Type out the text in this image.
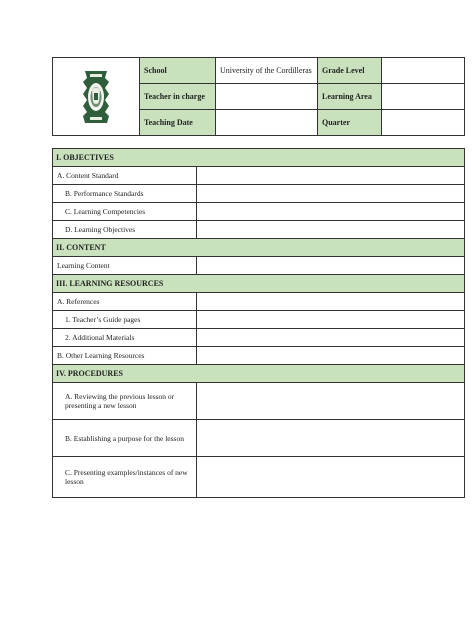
	School	University of the Cordilleras	Grade Level	
	Teacher in charge		Learning Area	
	Teaching Date		Quarter	
I. OBJECTIVES	
A. Content Standard	
B. Performance Standards	
C. Learning Competencies	
D. Learning Objectives	
II. CONTENT	
Learning Content	
III. LEARNING RESOURCES	
A. References	
1. Teacher’s Guide pages	
2. Additional Materials	
B. Other Learning Resources	
IV. PROCEDURES	
A. Reviewing the previous lesson or presenting a new lesson	
B. Establishing a purpose for the lesson	
C. Presenting examples/instances of new lesson	
